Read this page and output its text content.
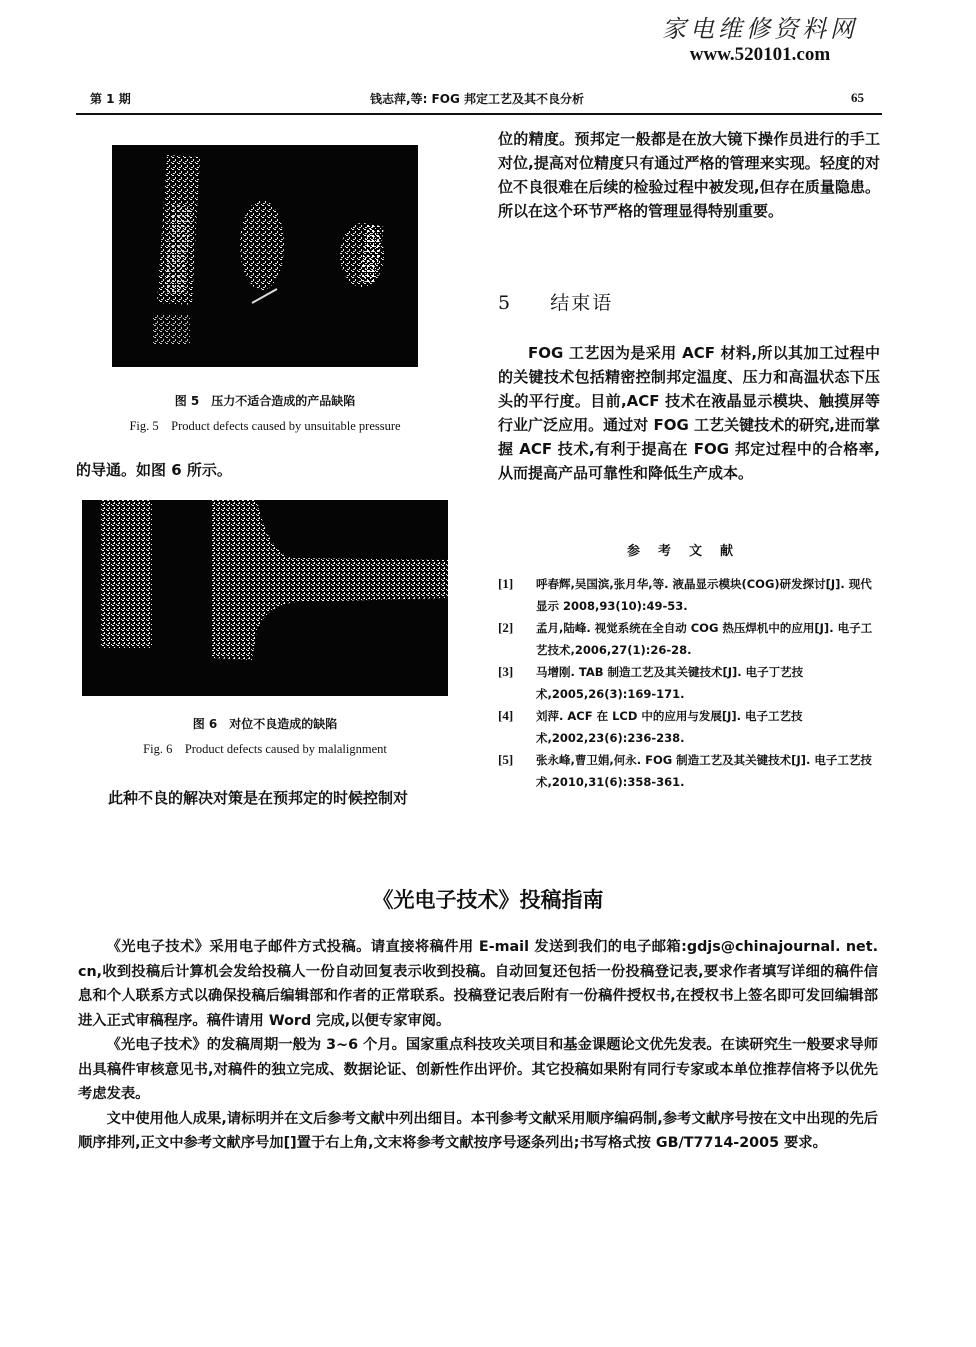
家电维修资料网
www.520101.com
第 1 期	钱志萍,等: FOG 邦定工艺及其不良分析	65
图 5　压力不适合造成的产品缺陷
Fig. 5　Product defects caused by unsuitable pressure
的导通。如图 6 所示。
图 6　对位不良造成的缺陷
Fig. 6　Product defects caused by malalignment
此种不良的解决对策是在预邦定的时候控制对
位的精度。预邦定一般都是在放大镜下操作员进行的手工对位,提高对位精度只有通过严格的管理来实现。轻度的对位不良很难在后续的检验过程中被发现,但存在质量隐患。所以在这个环节严格的管理显得特别重要。
5 结束语
FOG 工艺因为是采用 ACF 材料,所以其加工过程中的关键技术包括精密控制邦定温度、压力和高温状态下压头的平行度。目前,ACF 技术在液晶显示模块、触摸屏等行业广泛应用。通过对 FOG 工艺关键技术的研究,进而掌握 ACF 技术,有利于提高在 FOG 邦定过程中的合格率,从而提高产品可靠性和降低生产成本。
参考文献
[1] 呼春辉,吴国滨,张月华,等. 液晶显示模块(COG)研发探讨[J]. 现代显示 2008,93(10):49-53.
[2] 孟月,陆峰. 视觉系统在全自动 COG 热压焊机中的应用[J]. 电子工艺技术,2006,27(1):26-28.
[3] 马增刚. TAB 制造工艺及其关键技术[J]. 电子丁艺技术,2005,26(3):169-171.
[4] 刘萍. ACF 在 LCD 中的应用与发展[J]. 电子工艺技术,2002,23(6):236-238.
[5] 张永峰,曹卫娟,何永. FOG 制造工艺及其关键技术[J]. 电子工艺技术,2010,31(6):358-361.
《光电子技术》投稿指南

《光电子技术》采用电子邮件方式投稿。请直接将稿件用 E-mail 发送到我们的电子邮箱:gdjs@chinajournal. net. cn,收到投稿后计算机会发给投稿人一份自动回复表示收到投稿。自动回复还包括一份投稿登记表,要求作者填写详细的稿件信息和个人联系方式以确保投稿后编辑部和作者的正常联系。投稿登记表后附有一份稿件授权书,在授权书上签名即可发回编辑部进入正式审稿程序。稿件请用 Word 完成,以便专家审阅。

《光电子技术》的发稿周期一般为 3~6 个月。国家重点科技攻关项目和基金课题论文优先发表。在读研究生一般要求导师出具稿件审核意见书,对稿件的独立完成、数据论证、创新性作出评价。其它投稿如果附有同行专家或本单位推荐信将予以优先考虑发表。

文中使用他人成果,请标明并在文后参考文献中列出细目。本刊参考文献采用顺序编码制,参考文献序号按在文中出现的先后顺序排列,正文中参考文献序号加[]置于右上角,文末将参考文献按序号逐条列出;书写格式按 GB/T7714-2005 要求。
